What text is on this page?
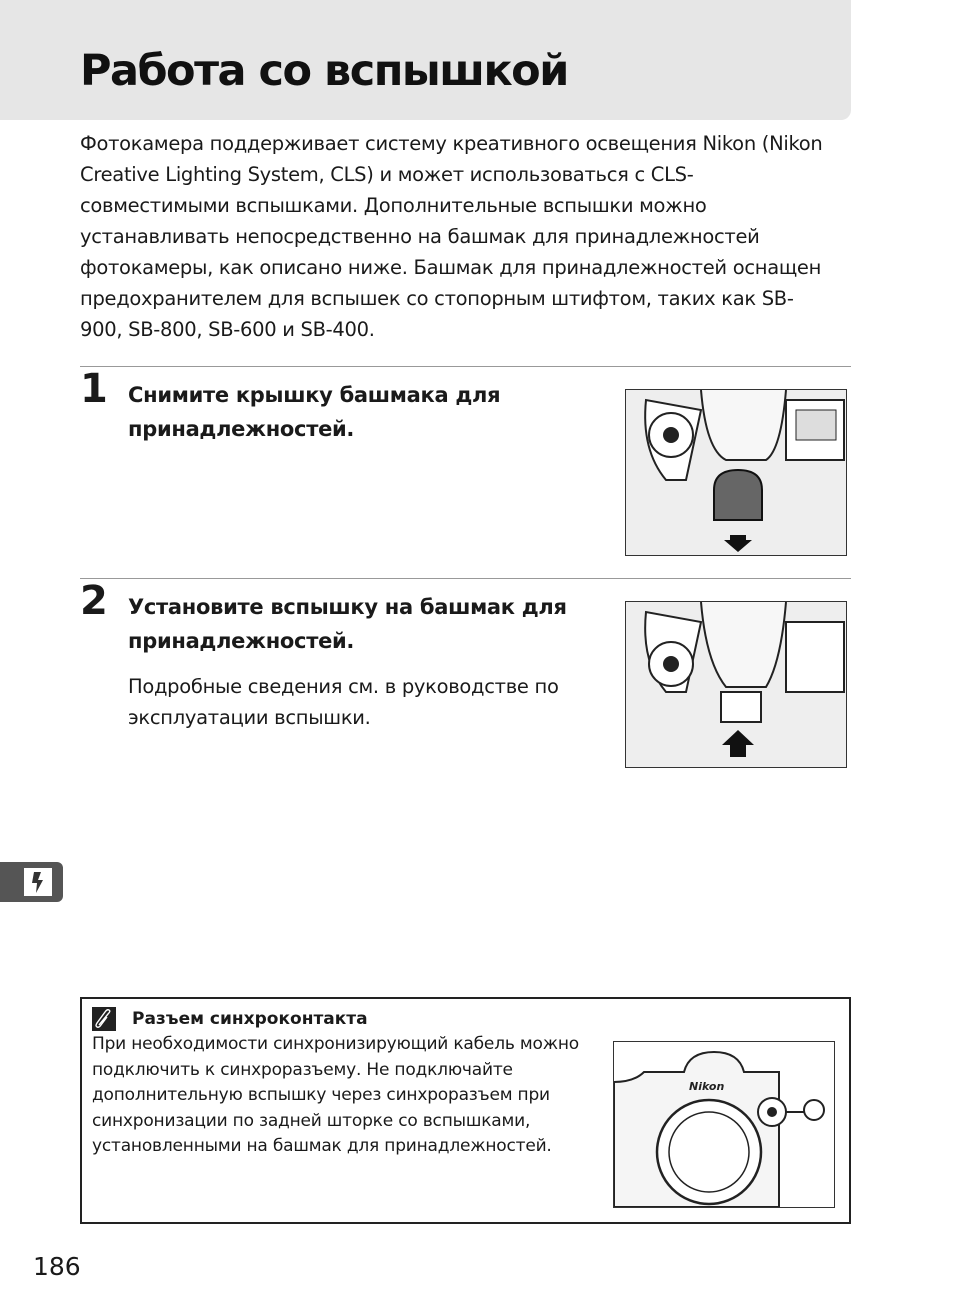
Работа со вспышкой
Фотокамера поддерживает систему креативного освещения Nikon (Nikon Creative Lighting System, CLS) и может использоваться с CLS-совместимыми вспышками. Дополнительные вспышки можно устанавливать непосредственно на башмак для принадлежностей фотокамеры, как описано ниже. Башмак для принадлежностей оснащен предохранителем для вспышек со стопорным штифтом, таких как SB-900, SB-800, SB-600 и SB-400.
1 Снимите крышку башмака для принадлежностей.
2 Установите вспышку на башмак для принадлежностей.
Подробные сведения см. в руководстве по эксплуатации вспышки.
Разъем синхроконтакта
При необходимости синхронизирующий кабель можно подключить к синхроразъему. Не подключайте дополнительную вспышку через синхроразъем при синхронизации по задней шторке со вспышками, установленными на башмак для принадлежностей.
Nikon
186
